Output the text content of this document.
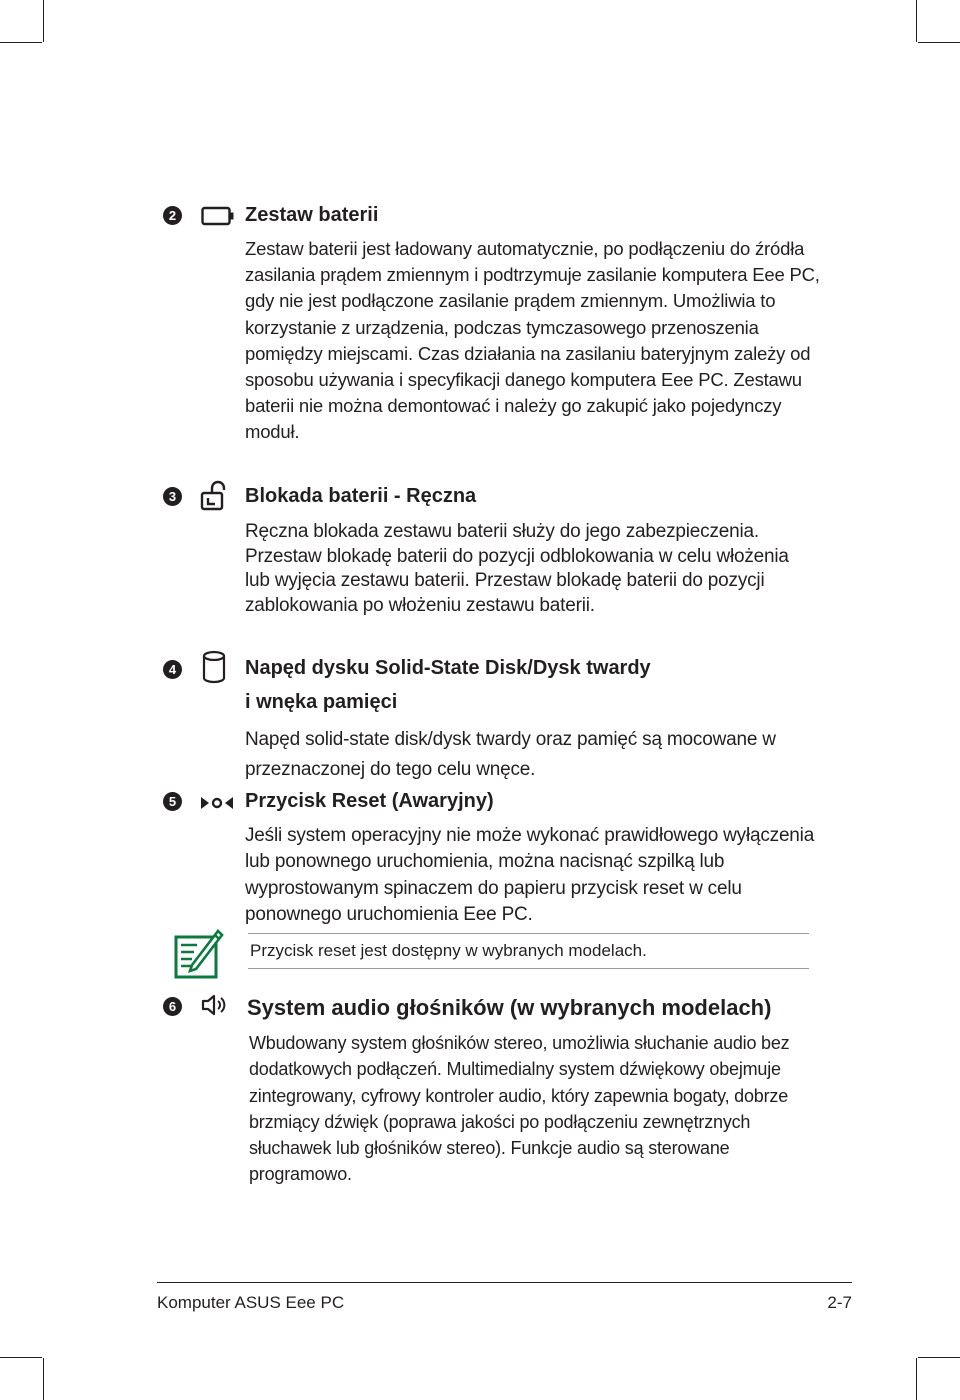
2	Zestaw baterii
Zestaw baterii jest ładowany automatycznie, po podłączeniu do źródła zasilania prądem zmiennym i podtrzymuje zasilanie komputera Eee PC, gdy nie jest podłączone zasilanie prądem zmiennym. Umożliwia to korzystanie z urządzenia, podczas tymczasowego przenoszenia pomiędzy miejscami. Czas działania na zasilaniu bateryjnym zależy od sposobu używania i specyfikacji danego komputera Eee PC. Zestawu baterii nie można demontować i należy go zakupić jako pojedynczy moduł.
3	Blokada baterii - Ręczna
Ręczna blokada zestawu baterii służy do jego zabezpieczenia. Przestaw blokadę baterii do pozycji odblokowania w celu włożenia lub wyjęcia zestawu baterii. Przestaw blokadę baterii do pozycji zablokowania po włożeniu zestawu baterii.
4	Napęd dysku Solid-State Disk/Dysk twardy
i wnęka pamięci
Napęd solid-state disk/dysk twardy oraz pamięć są mocowane w przeznaczonej do tego celu wnęce.
5	Przycisk Reset (Awaryjny)
Jeśli system operacyjny nie może wykonać prawidłowego wyłączenia lub ponownego uruchomienia, można nacisnąć szpilką lub wyprostowanym spinaczem do papieru przycisk reset w celu ponownego uruchomienia Eee PC.
Przycisk reset jest dostępny w wybranych modelach.
6	System audio głośników (w wybranych modelach)
Wbudowany system głośników stereo, umożliwia słuchanie audio bez dodatkowych podłączeń. Multimedialny system dźwiękowy obejmuje zintegrowany, cyfrowy kontroler audio, który zapewnia bogaty, dobrze brzmiący dźwięk (poprawa jakości po podłączeniu zewnętrznych słuchawek lub głośników stereo). Funkcje audio są sterowane programowo.
Komputer ASUS Eee PC	2-7
